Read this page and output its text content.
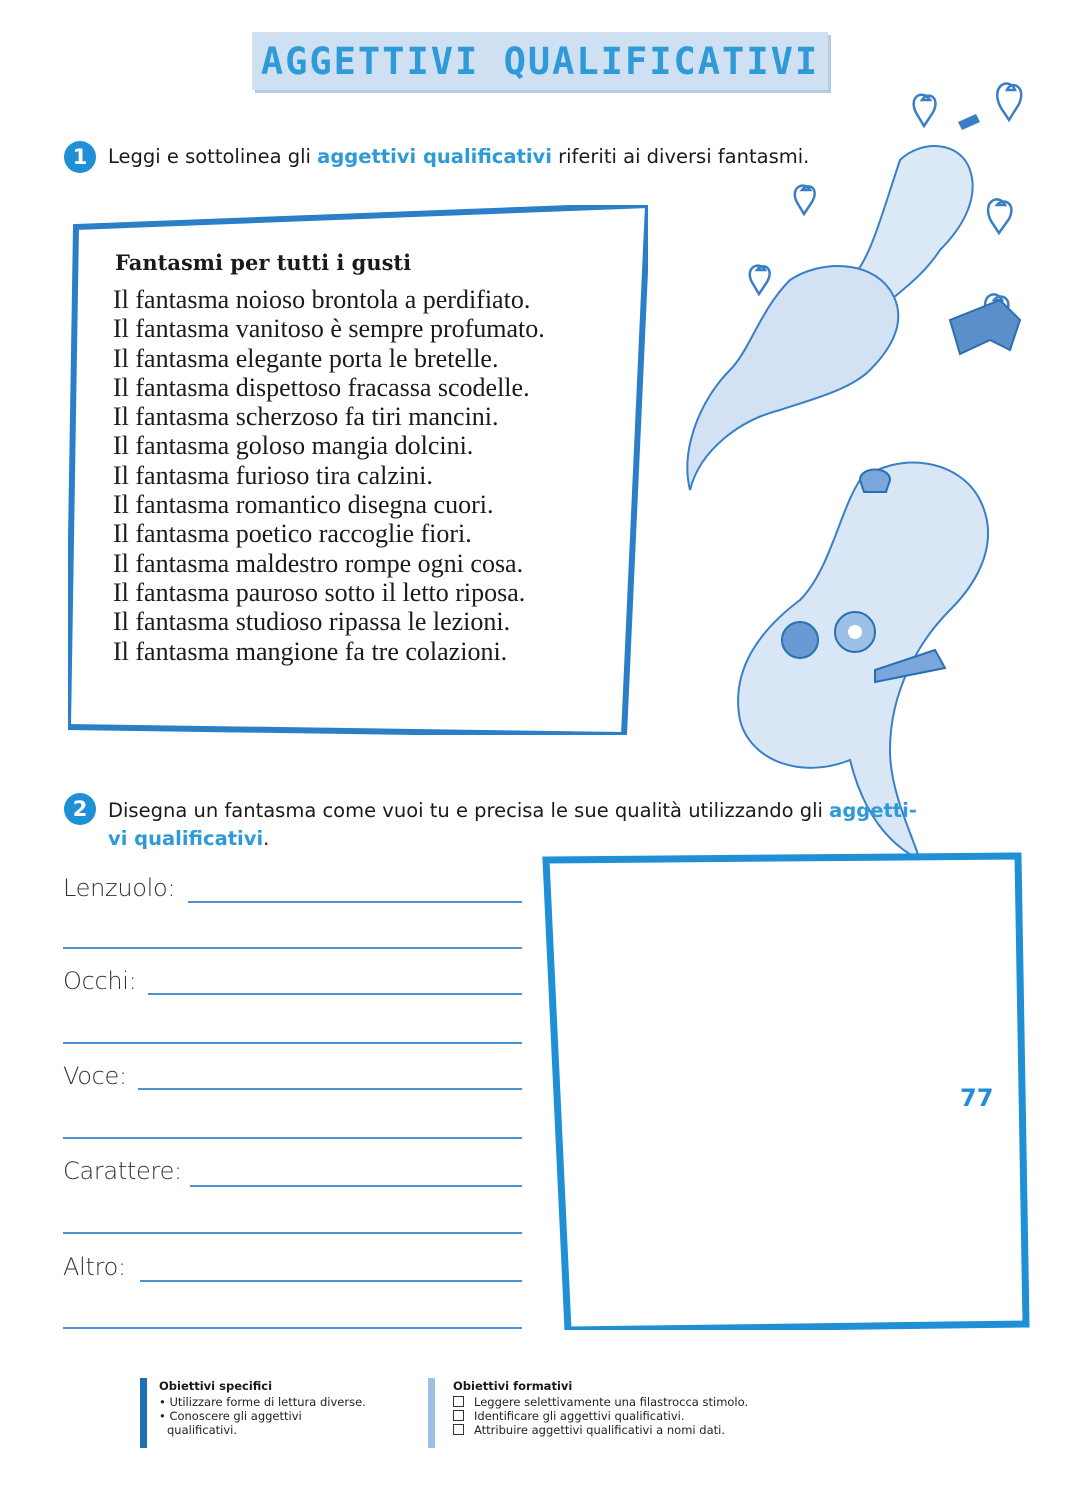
AGGETTIVI QUALIFICATIVI
1	Leggi e sottolinea gli aggettivi qualificativi riferiti ai diversi fantasmi.
Fantasmi per tutti i gusti
Il fantasma noioso brontola a perdifiato.
Il fantasma vanitoso è sempre profumato.
Il fantasma elegante porta le bretelle.
Il fantasma dispettoso fracassa scodelle.
Il fantasma scherzoso fa tiri mancini.
Il fantasma goloso mangia dolcini.
Il fantasma furioso tira calzini.
Il fantasma romantico disegna cuori.
Il fantasma poetico raccoglie fiori.
Il fantasma maldestro rompe ogni cosa.
Il fantasma pauroso sotto il letto riposa.
Il fantasma studioso ripassa le lezioni.
Il fantasma mangione fa tre colazioni.
2	Disegna un fantasma come vuoi tu e precisa le sue qualità utilizzando gli aggetti-
vi qualificativi.
Lenzuolo:
Occhi:
Voce:
Carattere:
Altro:
Obiettivi specifici
• Utilizzare forme di lettura diverse.
• Conoscere gli aggettivi
qualificativi.
Obiettivi formativi
Leggere selettivamente una filastrocca stimolo.
Identificare gli aggettivi qualificativi.
Attribuire aggettivi qualificativi a nomi dati.
77
